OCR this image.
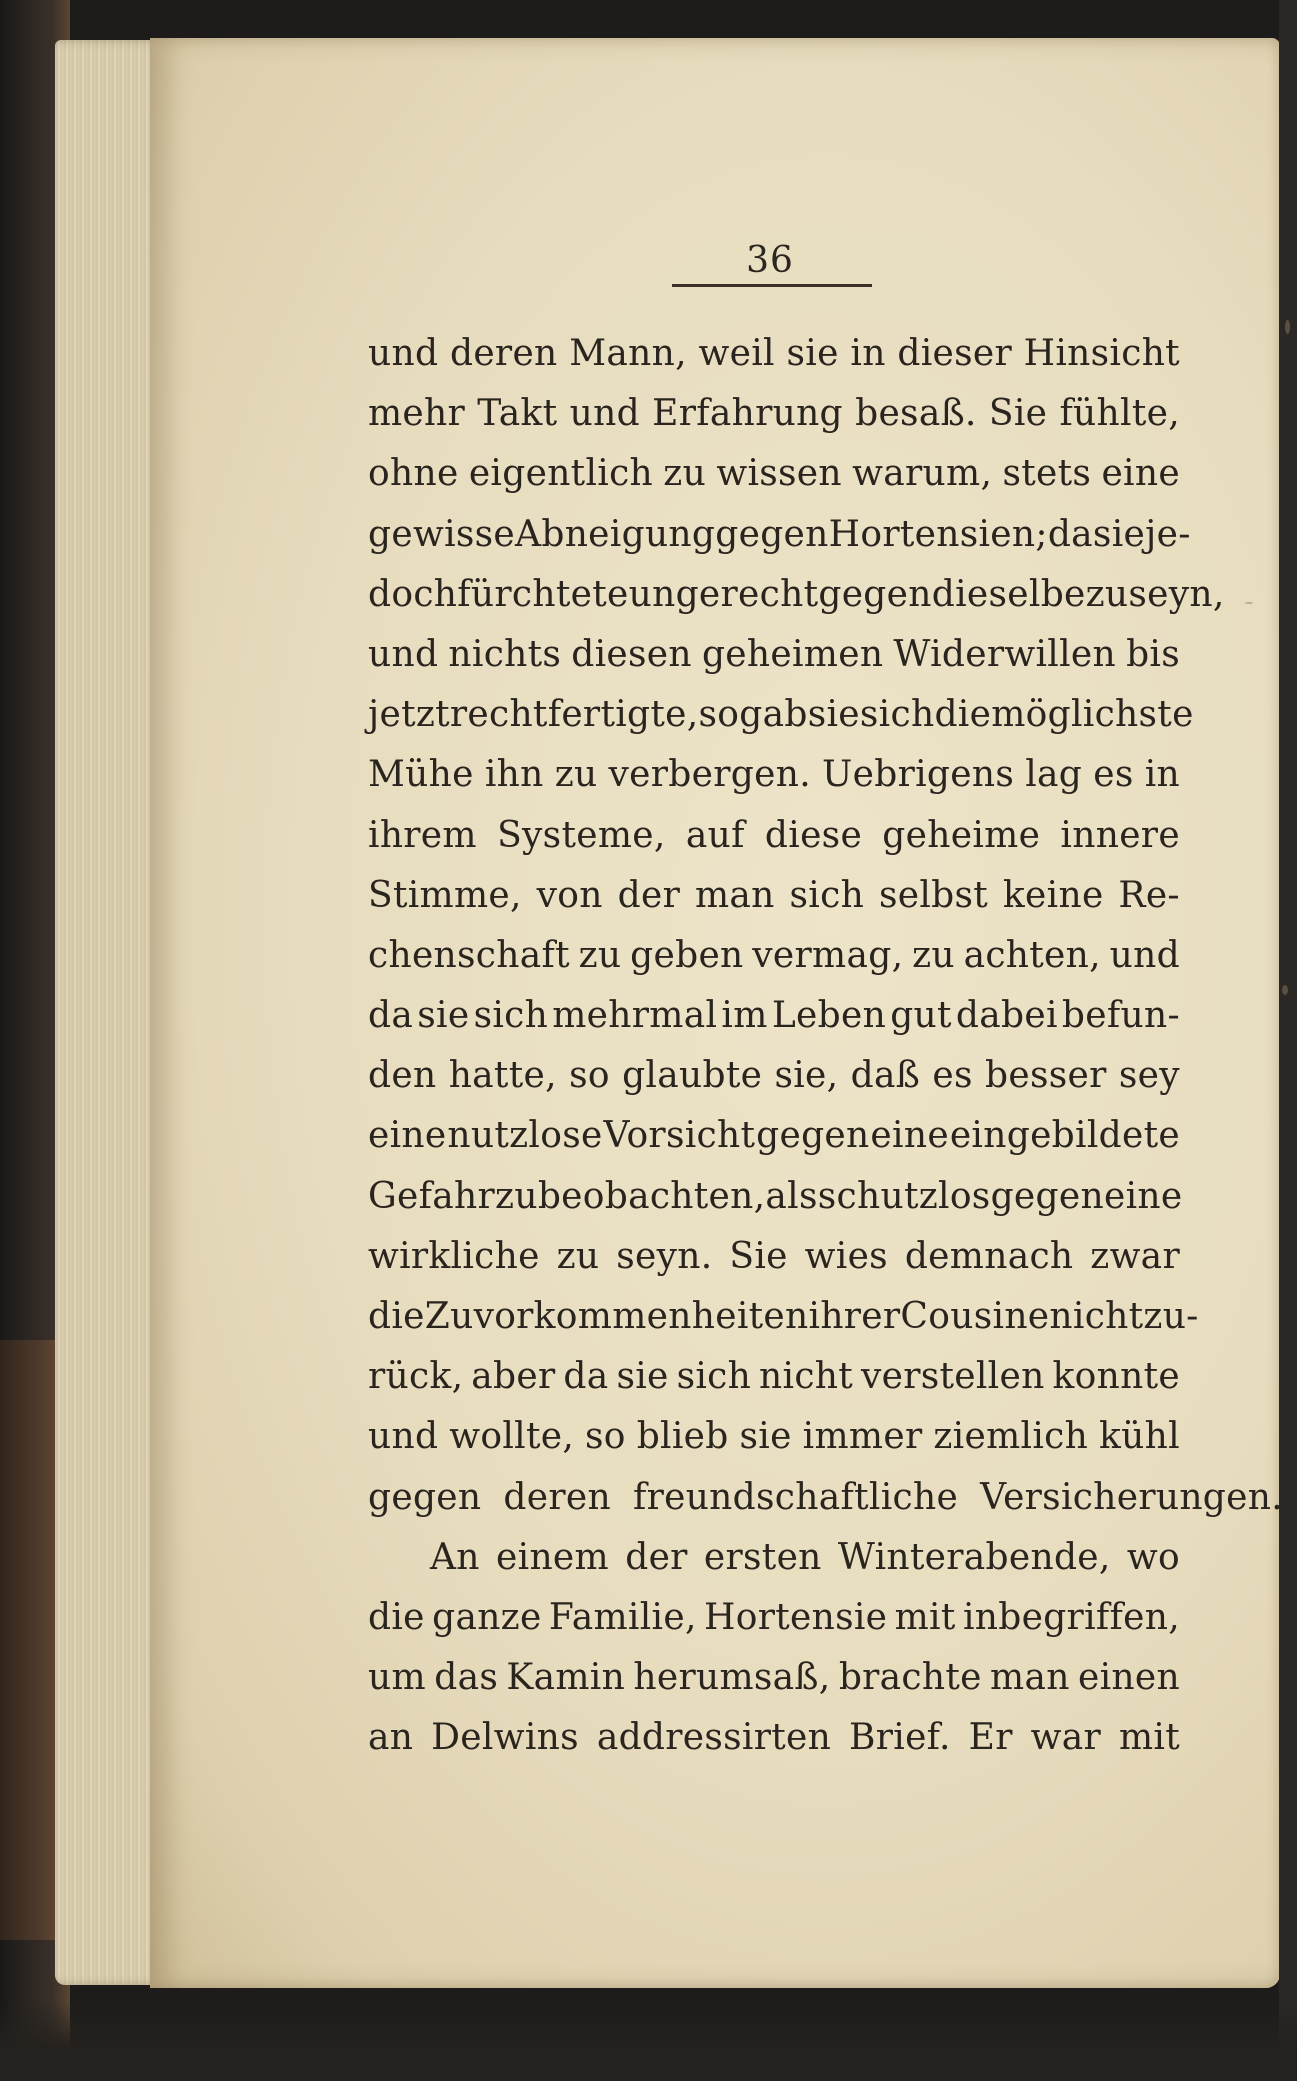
36
und deren Mann, weil sie in dieser Hinsicht
mehr Takt und Erfahrung besaß. Sie fühlte,
ohne eigentlich zu wissen warum, stets eine
gewisse Abneigung gegen Hortensien; da sie je-
doch fürchtete ungerecht gegen dieselbe zu seyn,
und nichts diesen geheimen Widerwillen bis
jetzt rechtfertigte, so gab sie sich die möglichste
Mühe ihn zu verbergen. Uebrigens lag es in
ihrem Systeme, auf diese geheime innere
Stimme, von der man sich selbst keine Re-
chenschaft zu geben vermag, zu achten, und
da sie sich mehrmal im Leben gut dabei befun-
den hatte, so glaubte sie, daß es besser sey
eine nutzlose Vorsicht gegen eine eingebildete
Gefahr zu beobachten, als schutzlos gegen eine
wirkliche zu seyn. Sie wies demnach zwar
die Zuvorkommenheiten ihrer Cousine nicht zu-
rück, aber da sie sich nicht verstellen konnte
und wollte, so blieb sie immer ziemlich kühl
gegen deren freundschaftliche Versicherungen.
An einem der ersten Winterabende, wo
die ganze Familie, Hortensie mit inbegriffen,
um das Kamin herumsaß, brachte man einen
an Delwins addressirten Brief. Er war mit
